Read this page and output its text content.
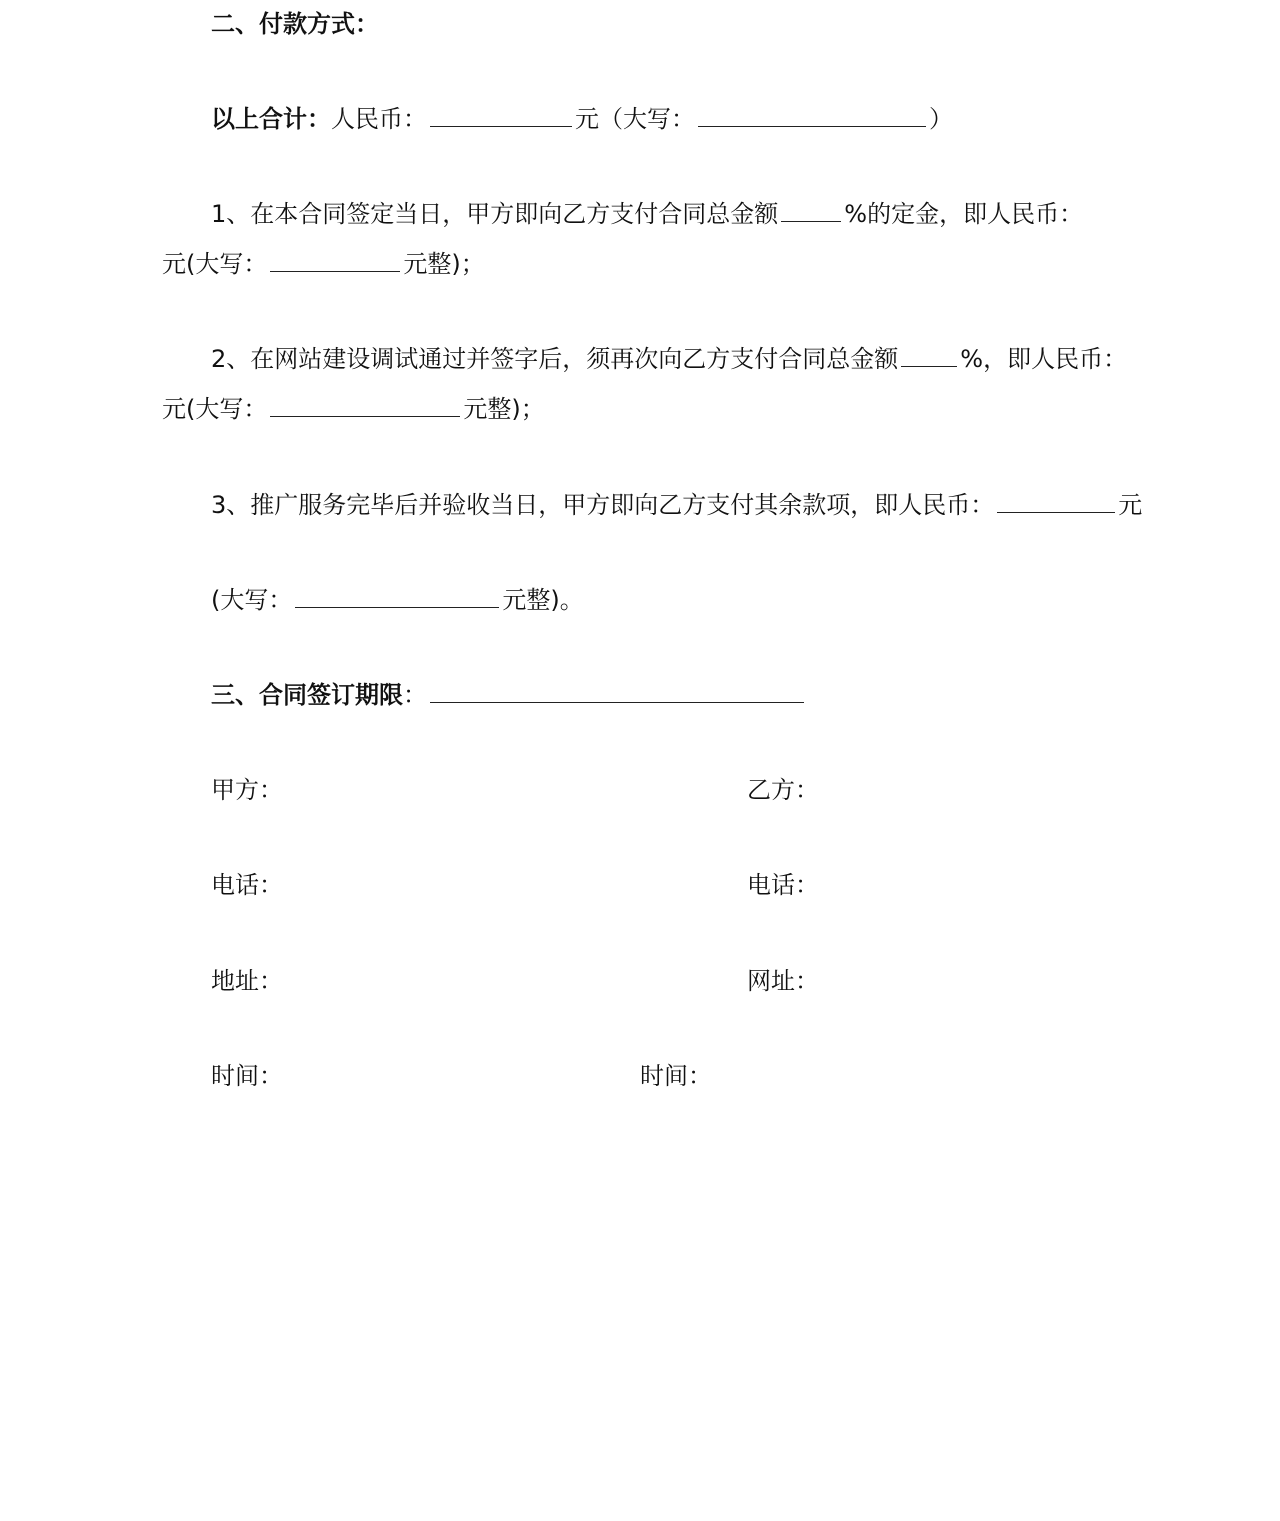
二、付款方式：
以上合计：人民币：	元（大写：	）
1、在本合同签定当日，甲方即向乙方支付合同总金额	%的定金，即人民币：
元(大写：	元整)；
2、在网站建设调试通过并签字后，须再次向乙方支付合同总金额	%，即人民币：
元(大写：	元整)；
3、推广服务完毕后并验收当日，甲方即向乙方支付其余款项，即人民币：	元
(大写：	元整)。
三、合同签订期限：
甲方：	乙方：
电话：	电话：
地址：	网址：
时间：	时间：
